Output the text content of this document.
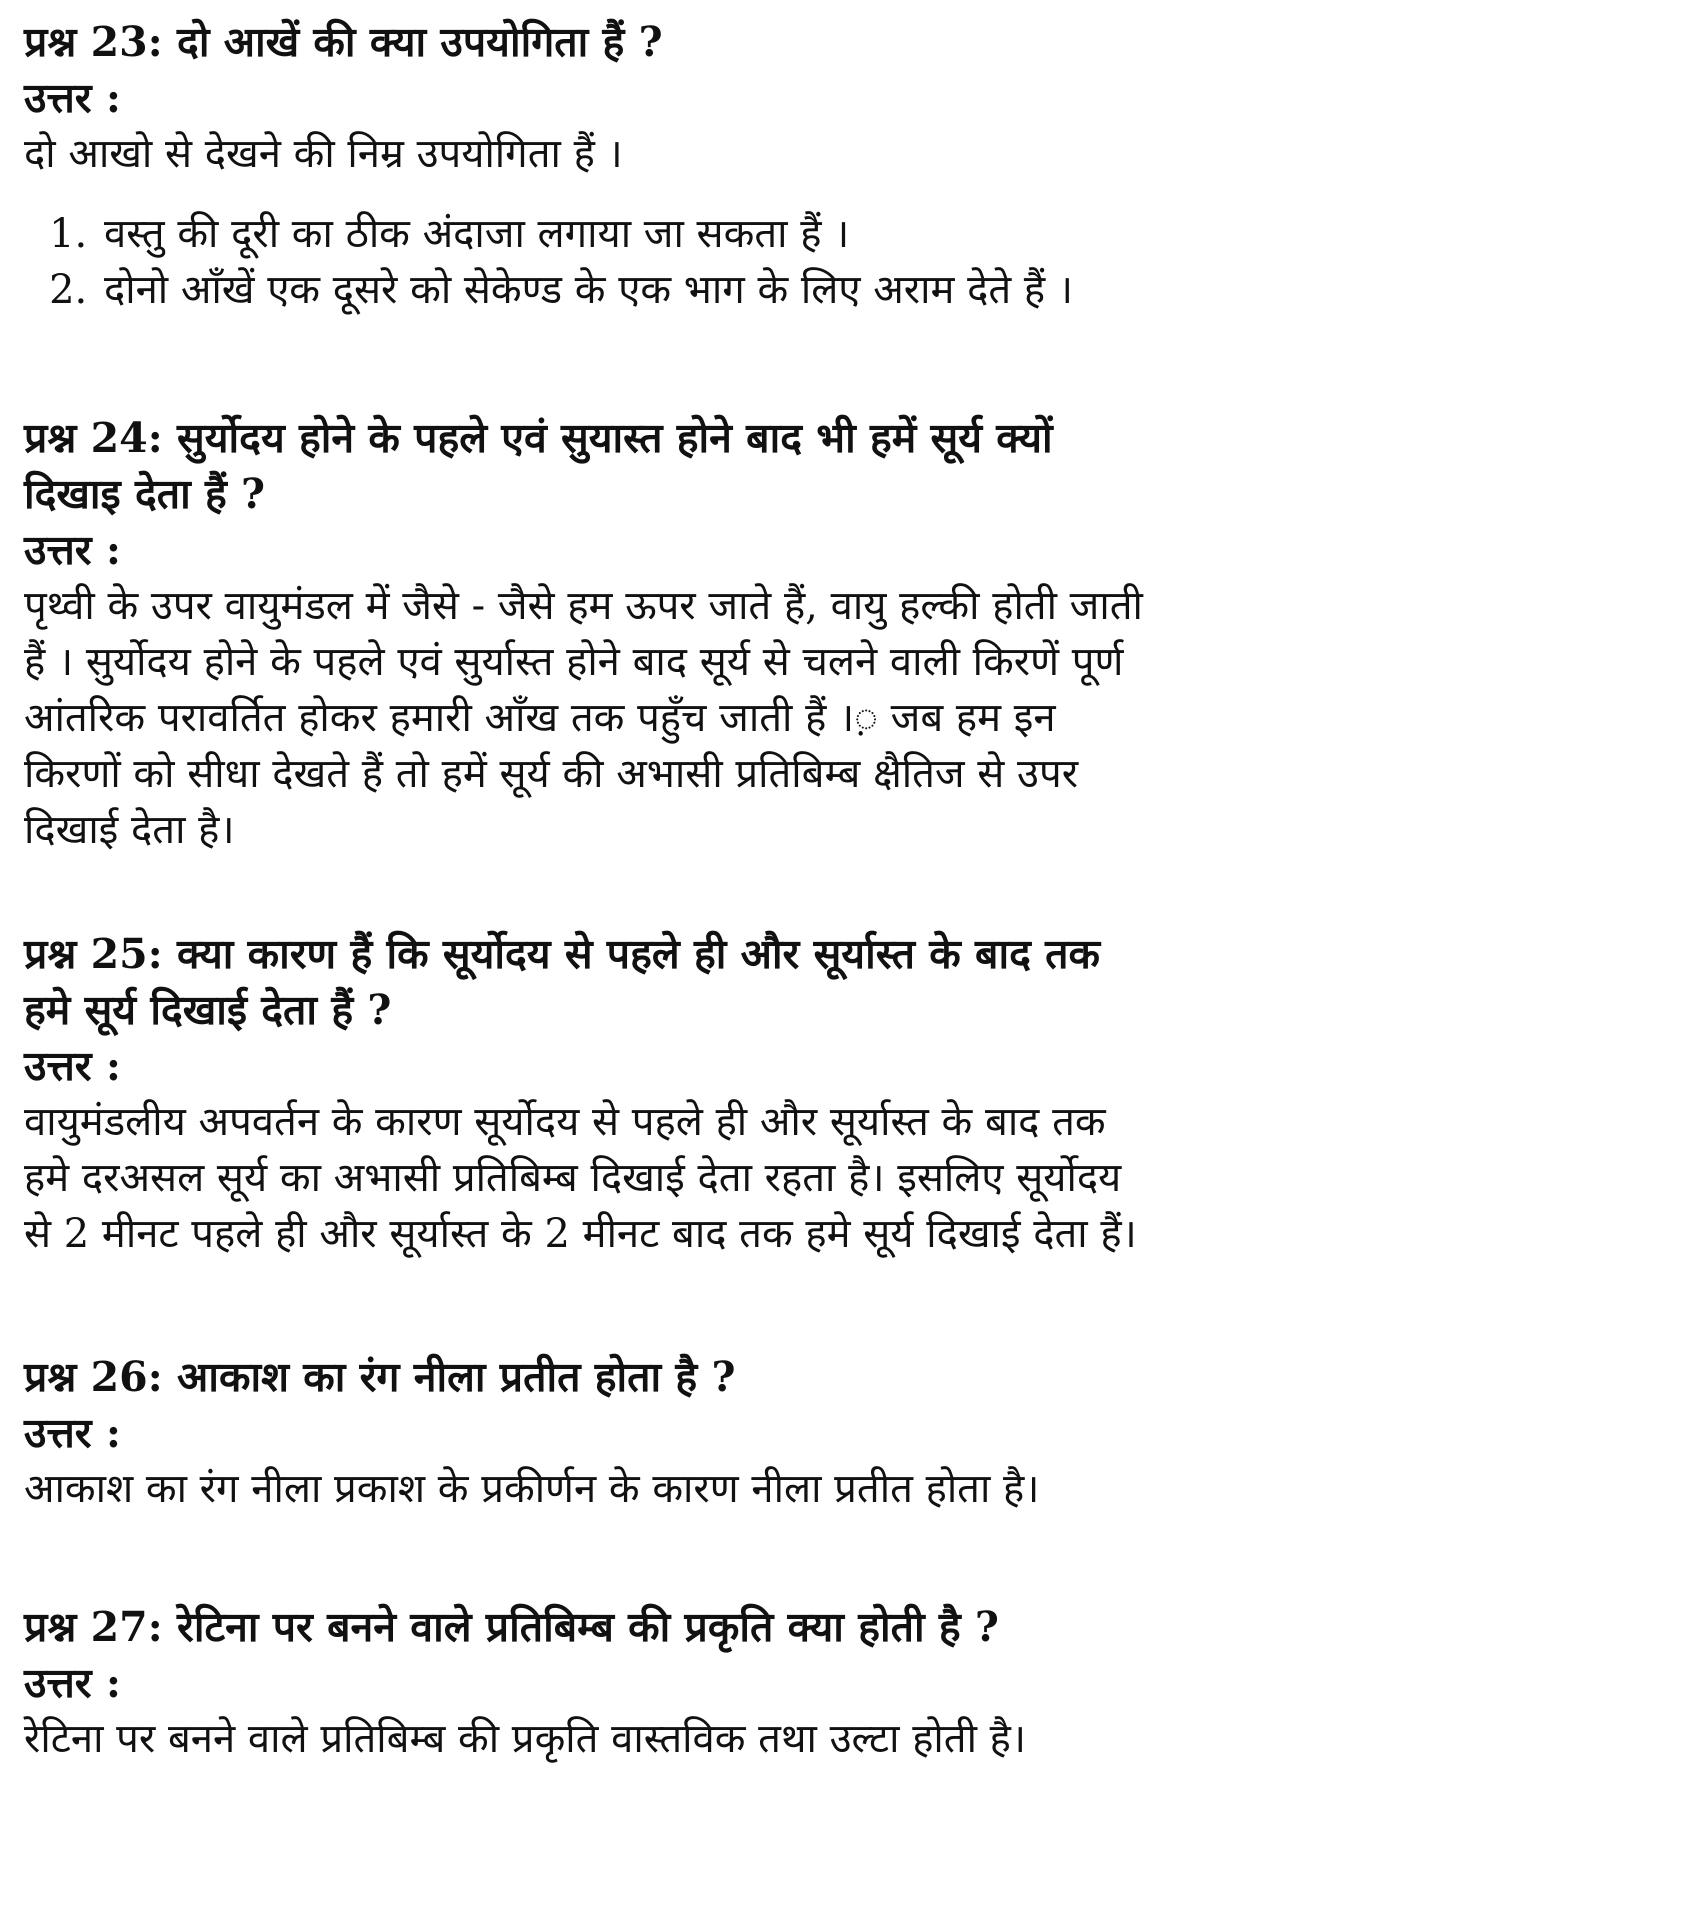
प्रश्न 23: दो आखें की क्या उपयोगिता हैं ?

उत्तर :

दो आखो से देखने की निम्र उपयोगिता हैं ।

1. वस्तु की दूरी का ठीक अंदाजा लगाया जा सकता हैं ।
2. दोनो आँखें एक दूसरे को सेकेण्ड के एक भाग के लिए अराम देते हैं ।

प्रश्न 24: सुर्योदय होने के पहले एवं सुयास्त होने बाद भी हमें सूर्य क्यों दिखाइ देता हैं ?

उत्तर :

पृथ्वी के उपर वायुमंडल में जैसे - जैसे हम ऊपर जाते हैं, वायु हल्की होती जाती हैं । सुर्योदय होने के पहले एवं सुर्यास्त होने बाद सूर्य से चलने वाली किरणें पूर्ण आंतरिक परावर्तित होकर हमारी आँख तक पहुँच जाती हैं ।़ जब हम इन किरणों को सीधा देखते हैं तो हमें सूर्य की अभासी प्रतिबिम्ब क्षैतिज से उपर दिखाई देता है।

प्रश्न 25: क्या कारण हैं कि सूर्योदय से पहले ही और सूर्यास्त के बाद तक हमे सूर्य दिखाई देता हैं ?

उत्तर :

वायुमंडलीय अपवर्तन के कारण सूर्योदय से पहले ही और सूर्यास्त के बाद तक हमे दरअसल सूर्य का अभासी प्रतिबिम्ब दिखाई देता रहता है। इसलिए सूर्योदय से 2 मीनट पहले ही और सूर्यास्त के 2 मीनट बाद तक हमे सूर्य दिखाई देता हैं।

प्रश्न 26: आकाश का रंग नीला प्रतीत होता है ?

उत्तर :

आकाश का रंग नीला प्रकाश के प्रकीर्णन के कारण नीला प्रतीत होता है।

प्रश्न 27: रेटिना पर बनने वाले प्रतिबिम्ब की प्रकृति क्या होती है ?

उत्तर :

रेटिना पर बनने वाले प्रतिबिम्ब की प्रकृति वास्तविक तथा उल्टा होती है।
